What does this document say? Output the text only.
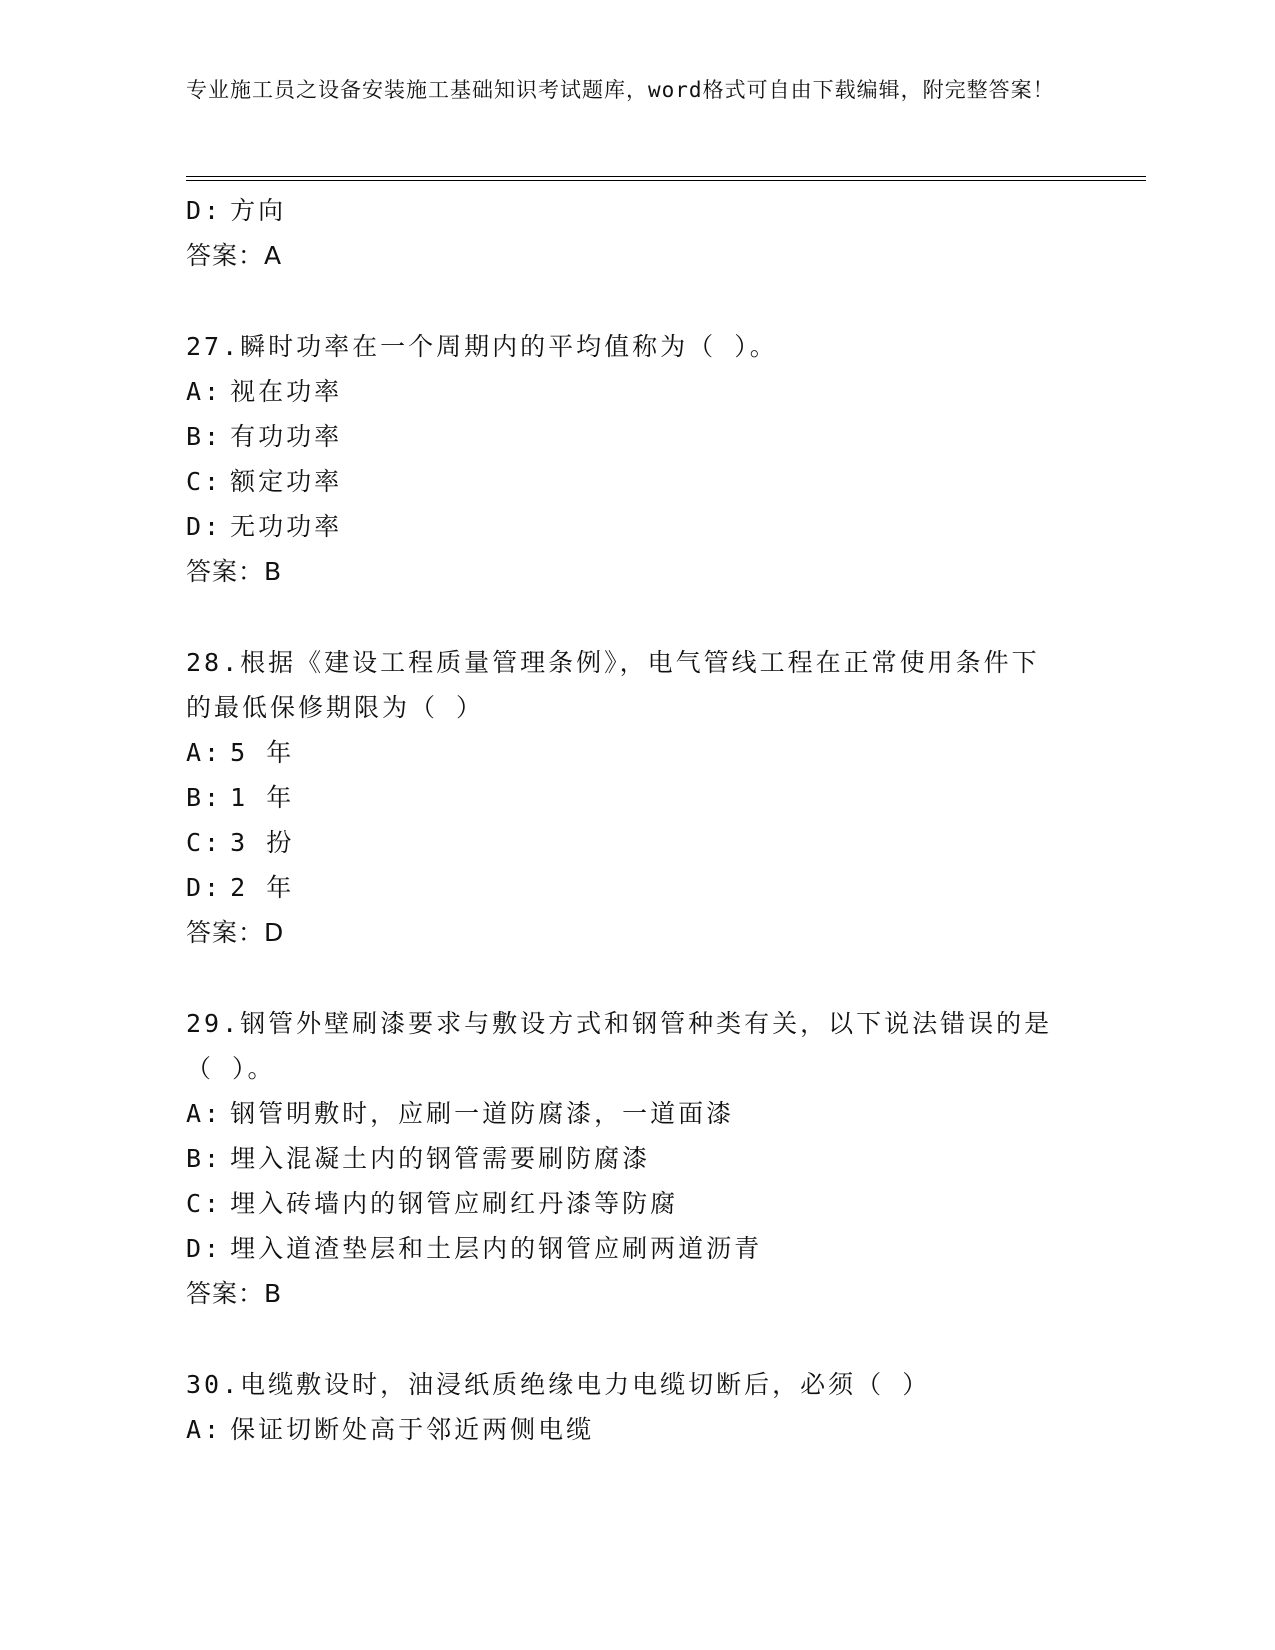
专业施工员之设备安装施工基础知识考试题库，word格式可自由下载编辑，附完整答案！
D: 方向
答案：A
27.瞬时功率在一个周期内的平均值称为（ ）。
A: 视在功率
B: 有功功率
C: 额定功率
D: 无功功率
答案：B
28.根据《建设工程质量管理条例》，电气管线工程在正常使用条件下的最低保修期限为（ ）
A: 5 年
B: 1 年
C: 3 扮
D: 2 年
答案：D
29.钢管外壁刷漆要求与敷设方式和钢管种类有关，以下说法错误的是（ ）。
A: 钢管明敷时，应刷一道防腐漆，一道面漆
B: 埋入混凝土内的钢管需要刷防腐漆
C: 埋入砖墙内的钢管应刷红丹漆等防腐
D: 埋入道渣垫层和土层内的钢管应刷两道沥青
答案：B
30.电缆敷设时，油浸纸质绝缘电力电缆切断后，必须（ ）
A: 保证切断处高于邻近两侧电缆
